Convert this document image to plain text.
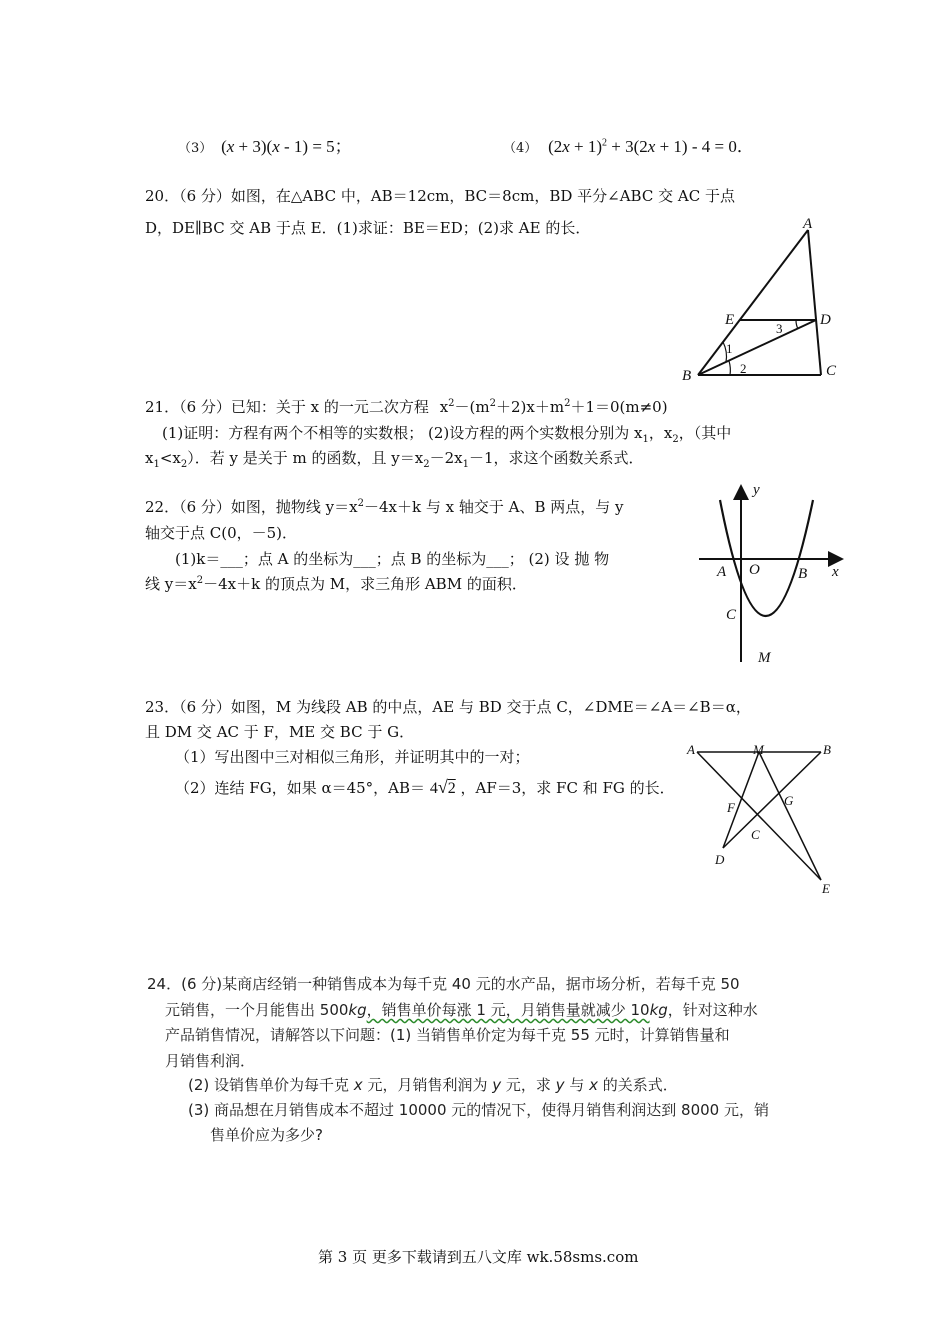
（3） (x + 3)(x - 1) = 5；	（4） $(2x + 1)^2 + 3(2x + 1) - 4 = 0$．
20．（6 分）如图，在△ABC 中，AB＝12cm，BC＝8cm，BD 平分∠ABC 交 AC 于点
D，DE∥BC 交 AB 于点 E．(1)求证：BE＝ED；(2)求 AE 的长．	A
E	D
B	C
1
2
3
21．（6 分）已知：关于 x 的一元二次方程 $x^2-(m^2+2)x+m^2+1=0(m\ne 0)$
(1)证明：方程有两个不相等的实数根； (2)设方程的两个实数根分别为 $x_1$，$x_2$，（其中
$x_1<x_2$）．若 y 是关于 m 的函数，且 $y=x_2-2x_1-1$，求这个函数关系式．
22．（6 分）如图，抛物线 $y=x^2-4x+k$ 与 x 轴交于 A、B 两点，与 y
轴交于点 C(0，－5)．
(1)k＝___；点 A 的坐标为___；点 B 的坐标为___； (2) 设 抛 物
线 $y=x^2-4x+k$ 的顶点为 M，求三角形 ABM 的面积．
y
x
A O	B
C
M
23．（6 分）如图，M 为线段 AB 的中点，AE 与 BD 交于点 C，∠DME＝∠A＝∠B＝α，
且 DM 交 AC 于 F，ME 交 BC 于 G．
（1）写出图中三对相似三角形，并证明其中的一对；
（2）连结 FG，如果 α＝45°，AB＝ 4√2 ，AF＝3，求 FC 和 FG 的长．
A	M	B
F	G
C
D
E
24．(6 分)某商店经销一种销售成本为每千克 40 元的水产品，据市场分析，若每千克 50
元销售，一个月能售出 500kg，销售单价每涨 1 元，月销售量就减少 10kg，针对这种水
产品销售情况，请解答以下问题：(1) 当销售单价定为每千克 55 元时，计算销售量和
月销售利润．
(2) 设销售单价为每千克 x 元，月销售利润为 y 元，求 y 与 x 的关系式．
(3) 商品想在月销售成本不超过 10000 元的情况下，使得月销售利润达到 8000 元，销
售单价应为多少?
第 3 页 更多下载请到五八文库 wk.58sms.com
